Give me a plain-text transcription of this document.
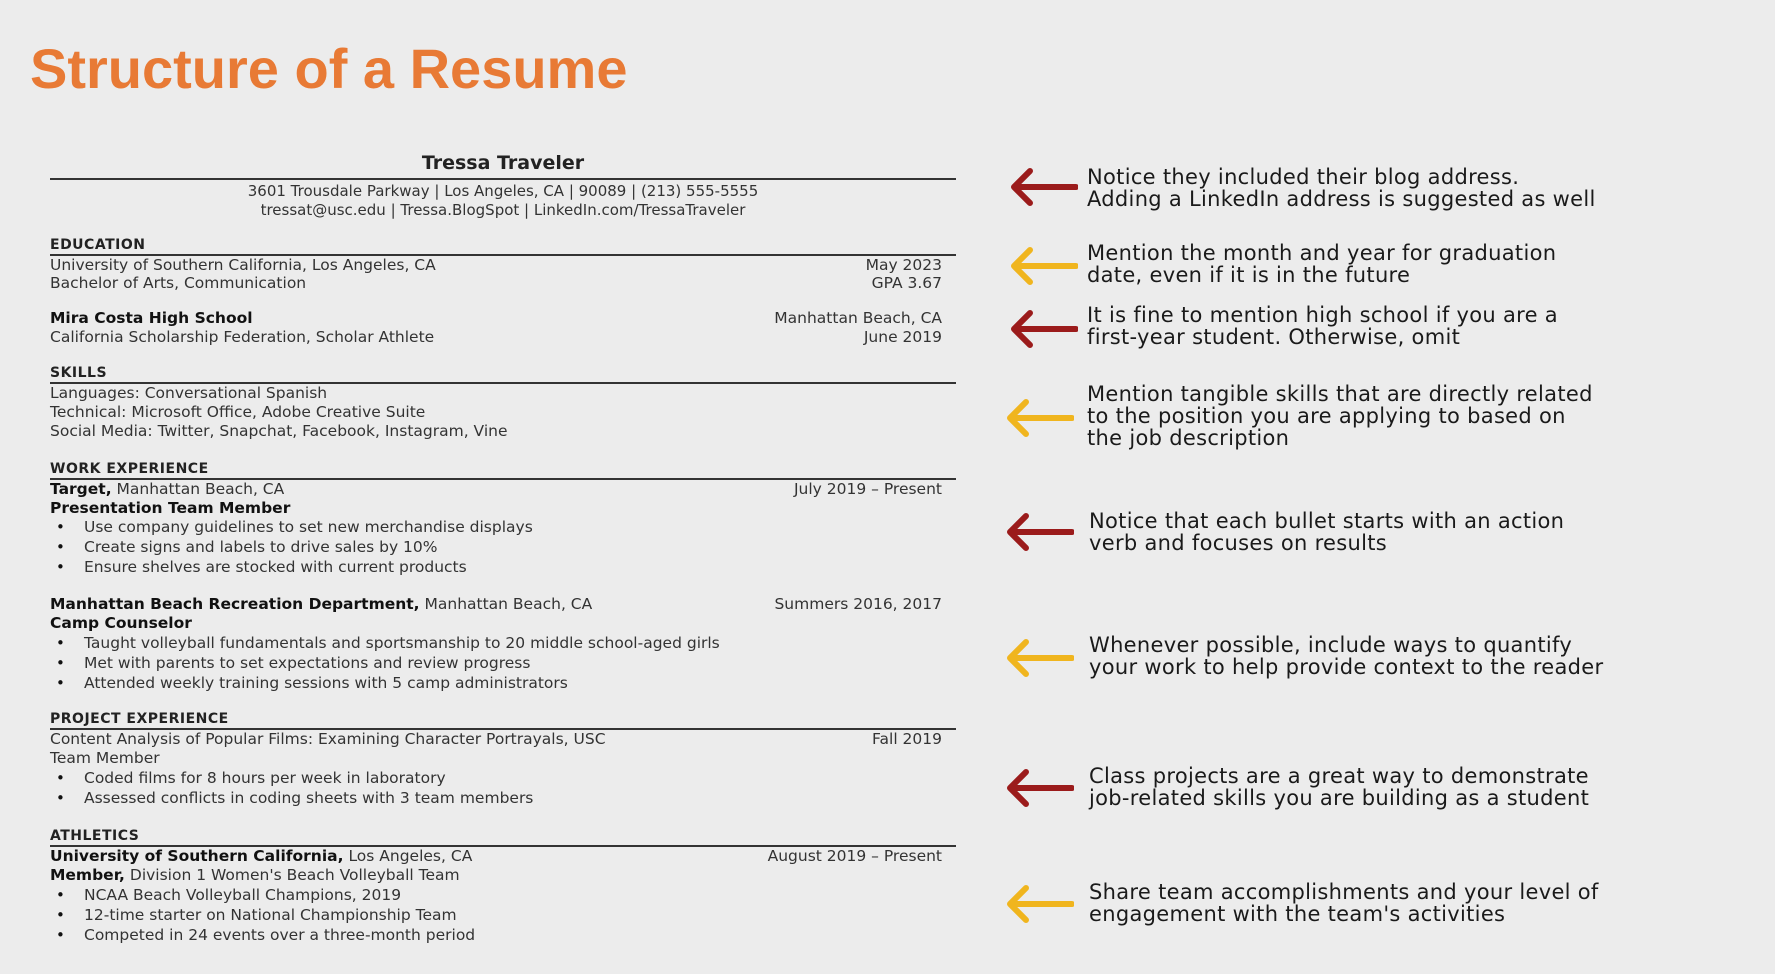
Structure of a Resume
Tressa Traveler
3601 Trousdale Parkway | Los Angeles, CA | 90089 | (213) 555-5555
tressat@usc.edu | Tressa.BlogSpot | LinkedIn.com/TressaTraveler
EDUCATION
University of Southern California, Los Angeles, CA	May 2023
Bachelor of Arts, Communication	GPA 3.67
Mira Costa High School	Manhattan Beach, CA
California Scholarship Federation, Scholar Athlete	June 2019
SKILLS
Languages: Conversational Spanish
Technical: Microsoft Office, Adobe Creative Suite
Social Media: Twitter, Snapchat, Facebook, Instagram, Vine
WORK EXPERIENCE
Target, Manhattan Beach, CA	July 2019 – Present
Presentation Team Member
• Use company guidelines to set new merchandise displays
• Create signs and labels to drive sales by 10%
• Ensure shelves are stocked with current products
Manhattan Beach Recreation Department, Manhattan Beach, CA	Summers 2016, 2017
Camp Counselor
• Taught volleyball fundamentals and sportsmanship to 20 middle school-aged girls
• Met with parents to set expectations and review progress
• Attended weekly training sessions with 5 camp administrators
PROJECT EXPERIENCE
Content Analysis of Popular Films: Examining Character Portrayals, USC	Fall 2019
Team Member
• Coded films for 8 hours per week in laboratory
• Assessed conflicts in coding sheets with 3 team members
ATHLETICS
University of Southern California, Los Angeles, CA	August 2019 – Present
Member, Division 1 Women's Beach Volleyball Team
• NCAA Beach Volleyball Champions, 2019
• 12-time starter on National Championship Team
• Competed in 24 events over a three-month period
Notice they included their blog address.
Adding a LinkedIn address is suggested as well
Mention the month and year for graduation
date, even if it is in the future
It is fine to mention high school if you are a
first-year student. Otherwise, omit
Mention tangible skills that are directly related
to the position you are applying to based on
the job description
Notice that each bullet starts with an action
verb and focuses on results
Whenever possible, include ways to quantify
your work to help provide context to the reader
Class projects are a great way to demonstrate
job-related skills you are building as a student
Share team accomplishments and your level of
engagement with the team's activities
